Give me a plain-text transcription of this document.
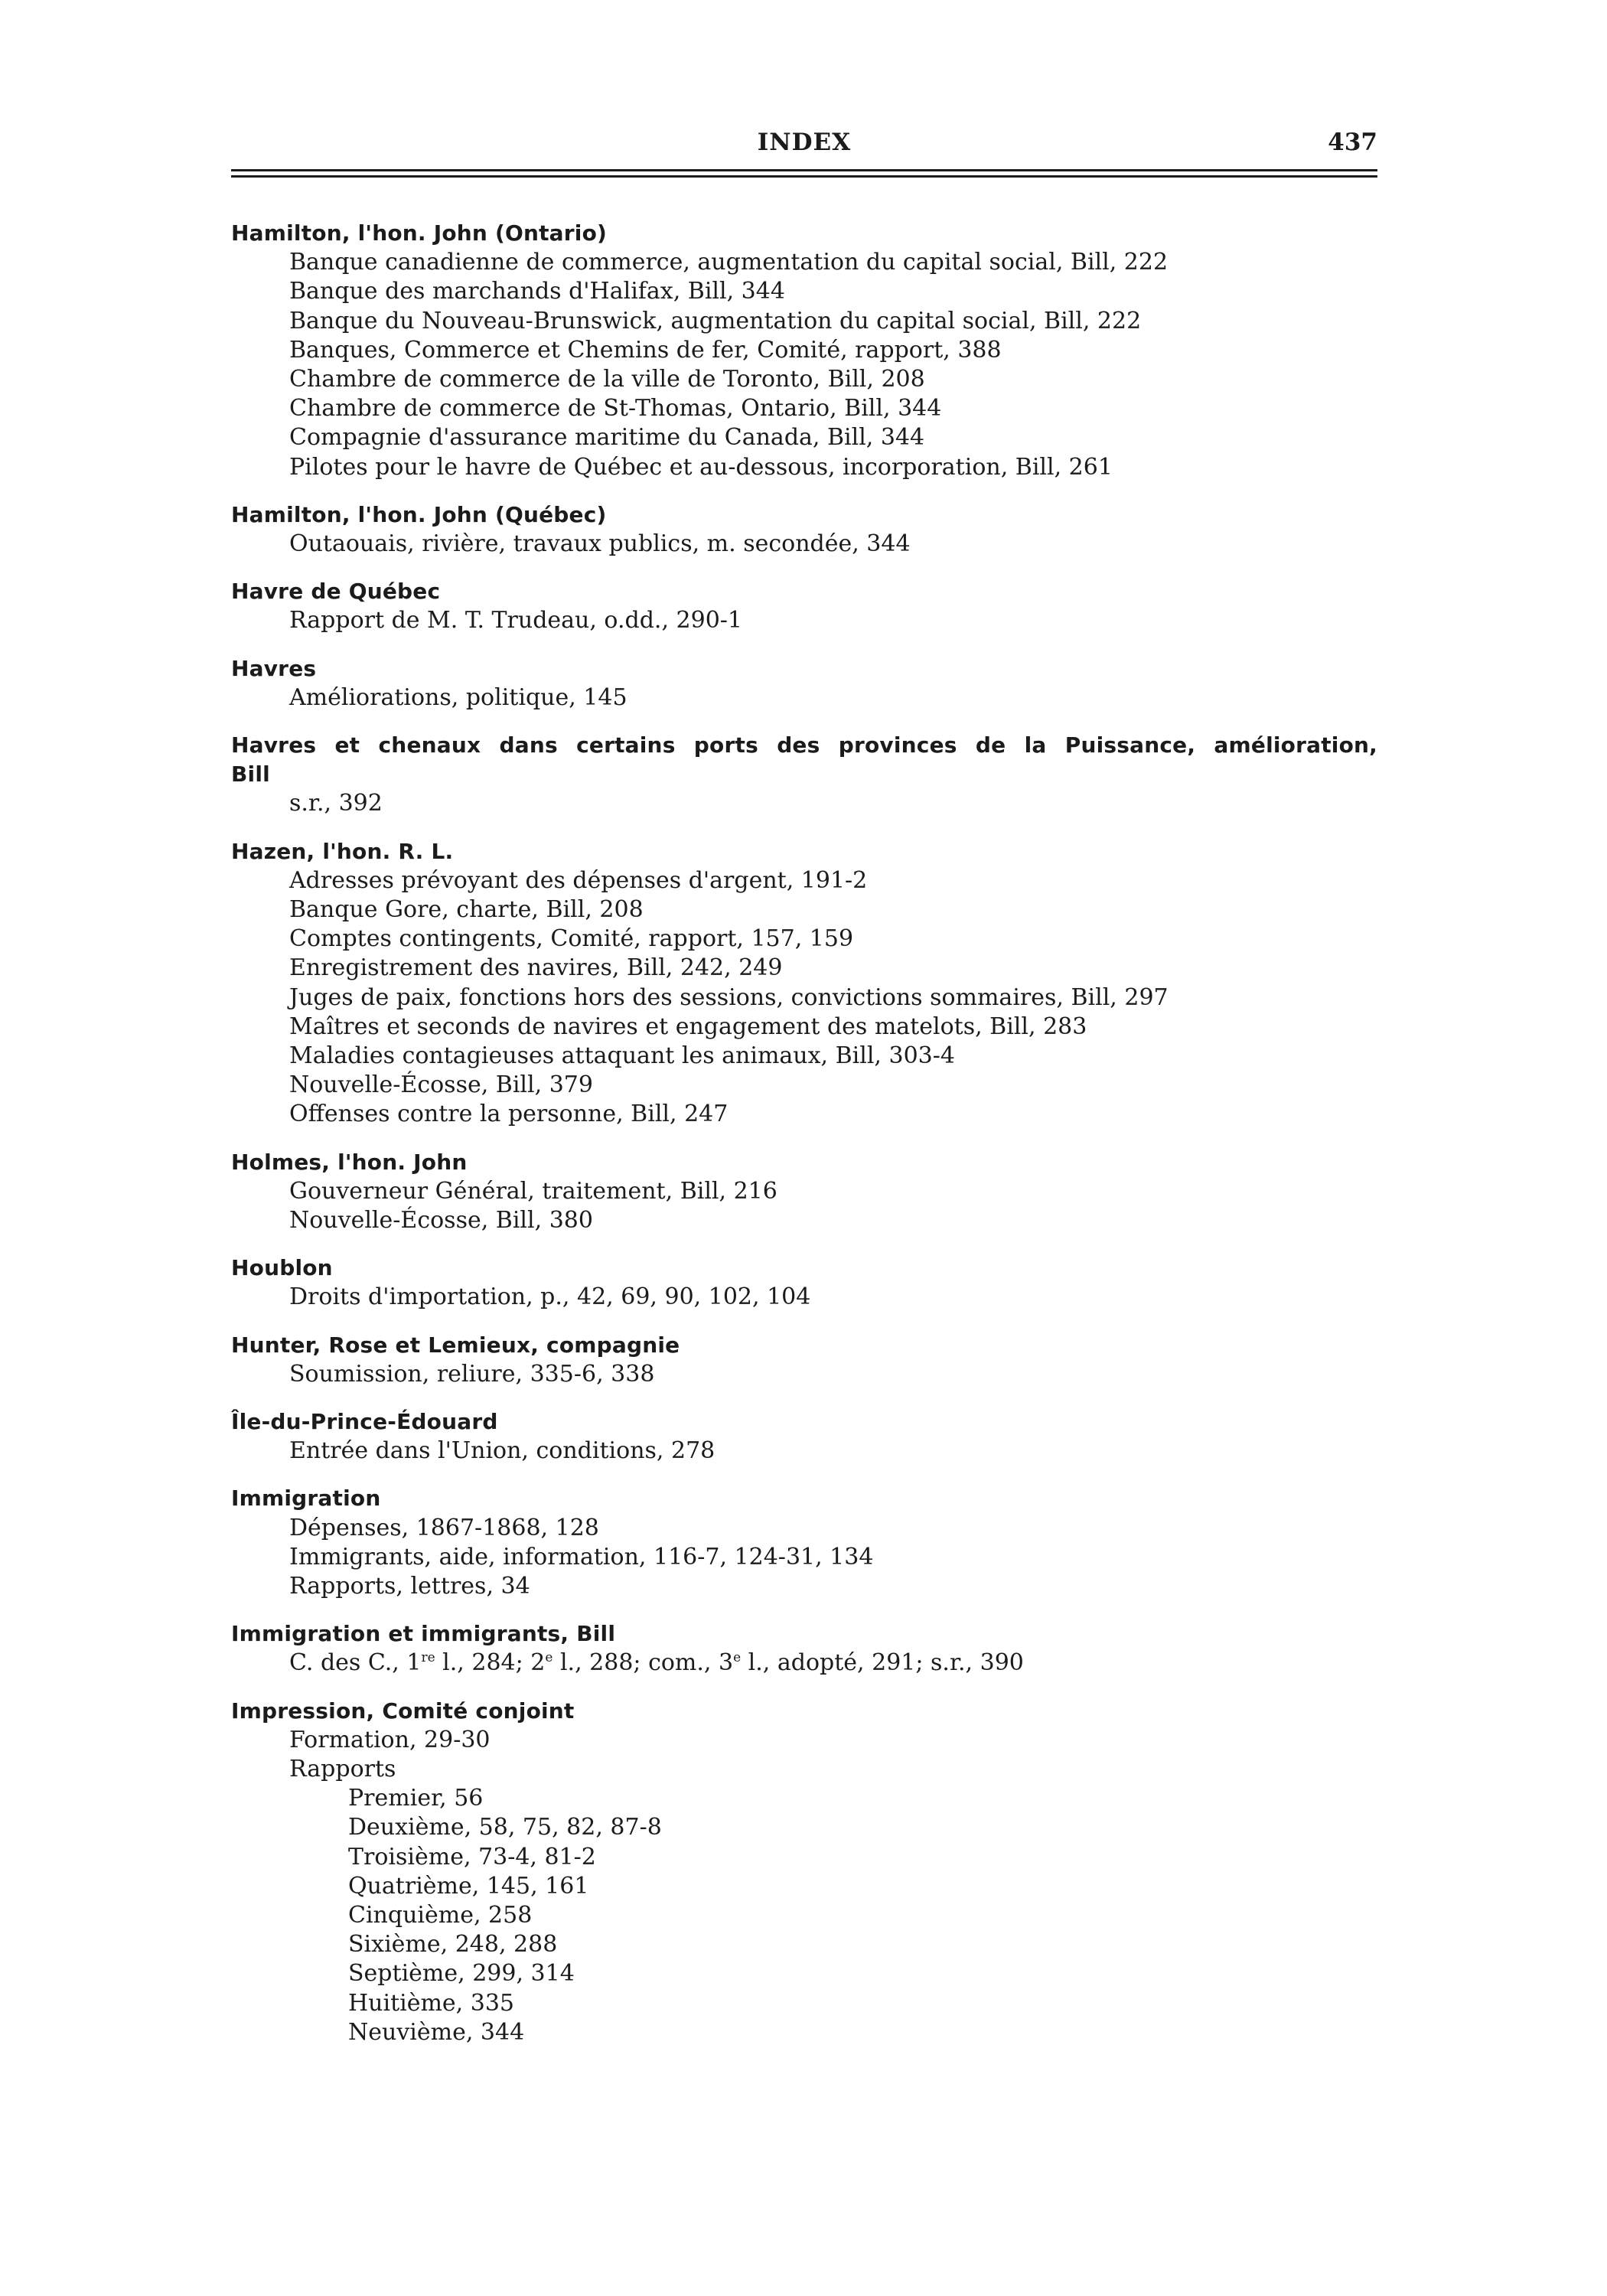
INDEX	437
Hamilton, l'hon. John (Ontario)
Banque canadienne de commerce, augmentation du capital social, Bill, 222
Banque des marchands d'Halifax, Bill, 344
Banque du Nouveau-Brunswick, augmentation du capital social, Bill, 222
Banques, Commerce et Chemins de fer, Comité, rapport, 388
Chambre de commerce de la ville de Toronto, Bill, 208
Chambre de commerce de St-Thomas, Ontario, Bill, 344
Compagnie d'assurance maritime du Canada, Bill, 344
Pilotes pour le havre de Québec et au-dessous, incorporation, Bill, 261
Hamilton, l'hon. John (Québec)
Outaouais, rivière, travaux publics, m. secondée, 344
Havre de Québec
Rapport de M. T. Trudeau, o.dd., 290-1
Havres
Améliorations, politique, 145
Havres et chenaux dans certains ports des provinces de la Puissance, amélioration,
Bill
s.r., 392
Hazen, l'hon. R. L.
Adresses prévoyant des dépenses d'argent, 191-2
Banque Gore, charte, Bill, 208
Comptes contingents, Comité, rapport, 157, 159
Enregistrement des navires, Bill, 242, 249
Juges de paix, fonctions hors des sessions, convictions sommaires, Bill, 297
Maîtres et seconds de navires et engagement des matelots, Bill, 283
Maladies contagieuses attaquant les animaux, Bill, 303-4
Nouvelle-Écosse, Bill, 379
Offenses contre la personne, Bill, 247
Holmes, l'hon. John
Gouverneur Général, traitement, Bill, 216
Nouvelle-Écosse, Bill, 380
Houblon
Droits d'importation, p., 42, 69, 90, 102, 104
Hunter, Rose et Lemieux, compagnie
Soumission, reliure, 335-6, 338
Île-du-Prince-Édouard
Entrée dans l'Union, conditions, 278
Immigration
Dépenses, 1867-1868, 128
Immigrants, aide, information, 116-7, 124-31, 134
Rapports, lettres, 34
Immigration et immigrants, Bill
C. des C., 1re l., 284; 2e l., 288; com., 3e l., adopté, 291; s.r., 390
Impression, Comité conjoint
Formation, 29-30
Rapports
Premier, 56
Deuxième, 58, 75, 82, 87-8
Troisième, 73-4, 81-2
Quatrième, 145, 161
Cinquième, 258
Sixième, 248, 288
Septième, 299, 314
Huitième, 335
Neuvième, 344
